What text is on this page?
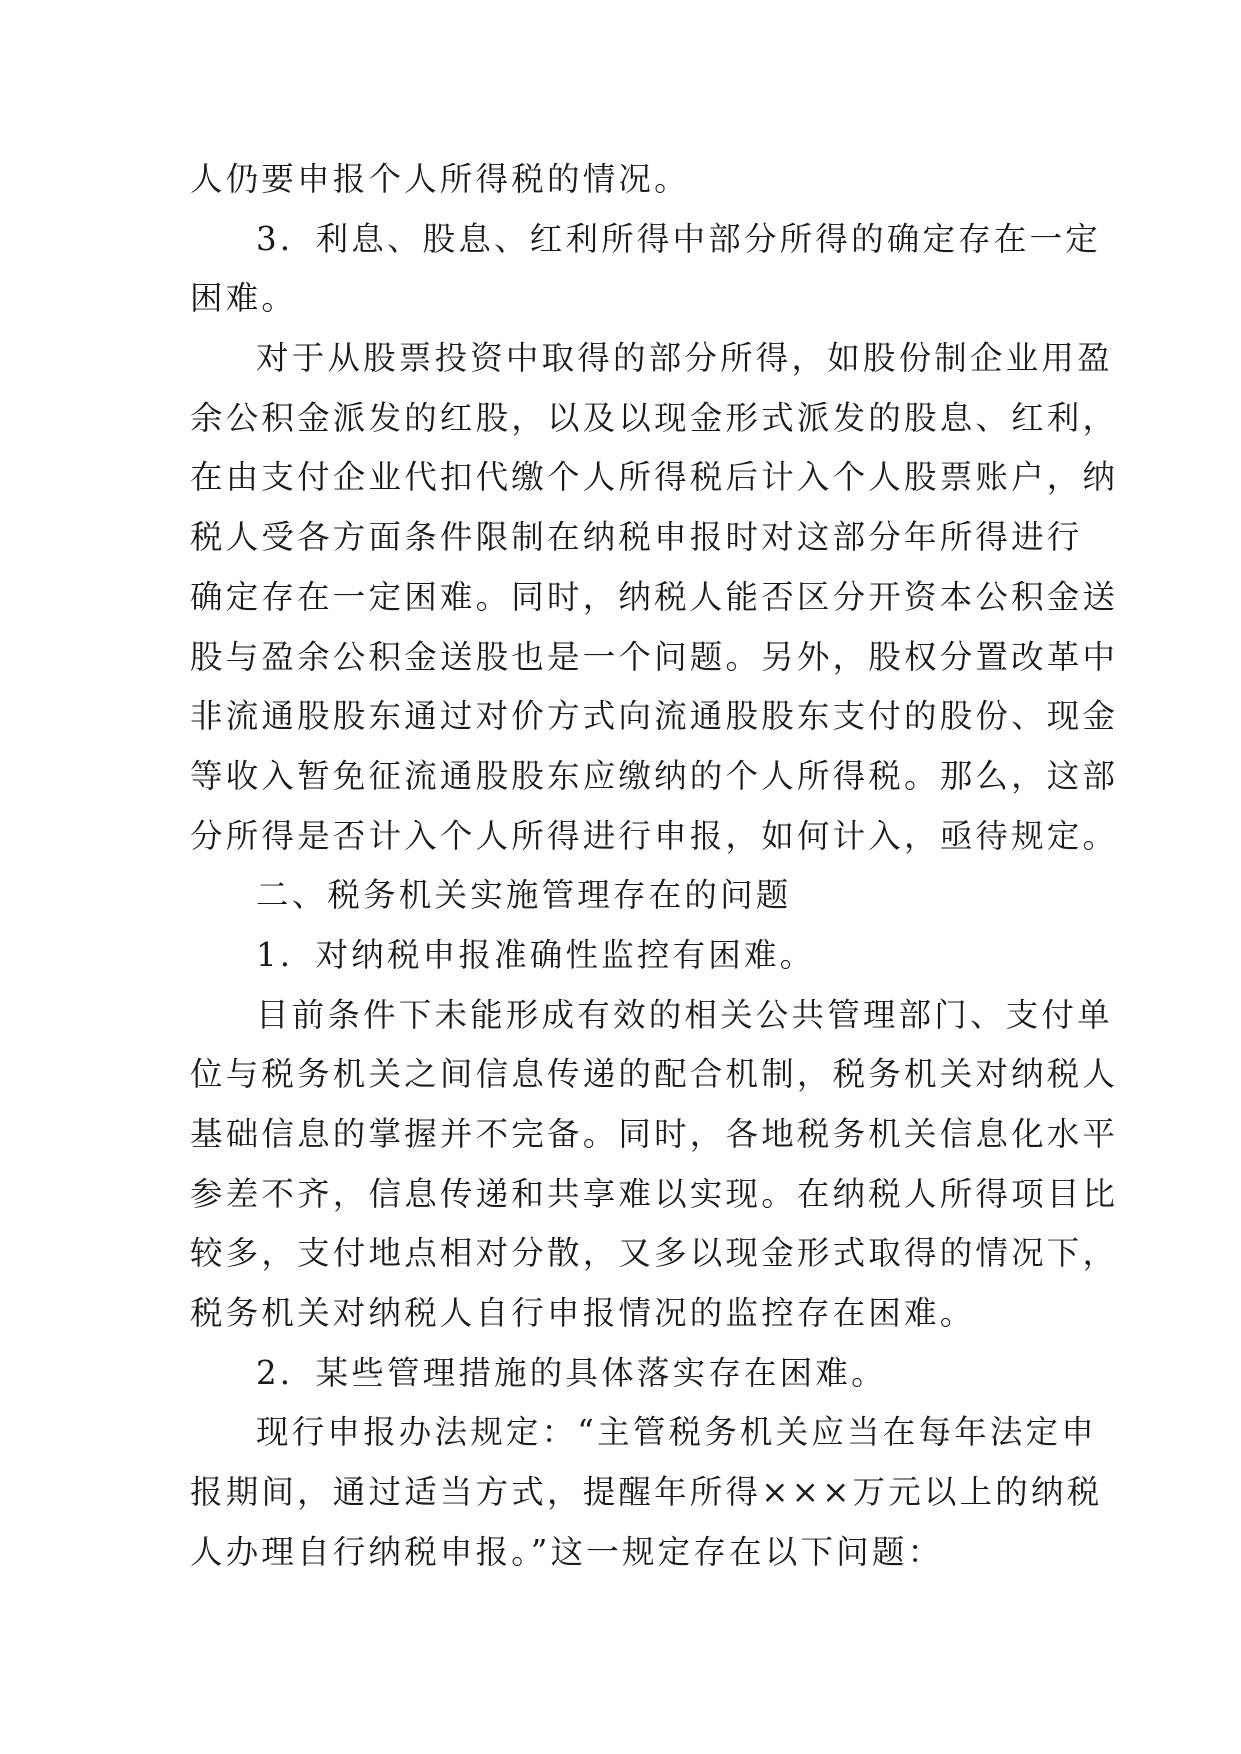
人仍要申报个人所得税的情况。
3．利息、股息、红利所得中部分所得的确定存在一定
困难。
对于从股票投资中取得的部分所得，如股份制企业用盈
余公积金派发的红股，以及以现金形式派发的股息、红利，
在由支付企业代扣代缴个人所得税后计入个人股票账户，纳
税人受各方面条件限制在纳税申报时对这部分年所得进行
确定存在一定困难。同时，纳税人能否区分开资本公积金送
股与盈余公积金送股也是一个问题。另外，股权分置改革中
非流通股股东通过对价方式向流通股股东支付的股份、现金
等收入暂免征流通股股东应缴纳的个人所得税。那么，这部
分所得是否计入个人所得进行申报，如何计入，亟待规定。
二、税务机关实施管理存在的问题
1．对纳税申报准确性监控有困难。
目前条件下未能形成有效的相关公共管理部门、支付单
位与税务机关之间信息传递的配合机制，税务机关对纳税人
基础信息的掌握并不完备。同时，各地税务机关信息化水平
参差不齐，信息传递和共享难以实现。在纳税人所得项目比
较多，支付地点相对分散，又多以现金形式取得的情况下，
税务机关对纳税人自行申报情况的监控存在困难。
2．某些管理措施的具体落实存在困难。
现行申报办法规定：“主管税务机关应当在每年法定申
报期间，通过适当方式，提醒年所得×××万元以上的纳税
人办理自行纳税申报。”这一规定存在以下问题：
